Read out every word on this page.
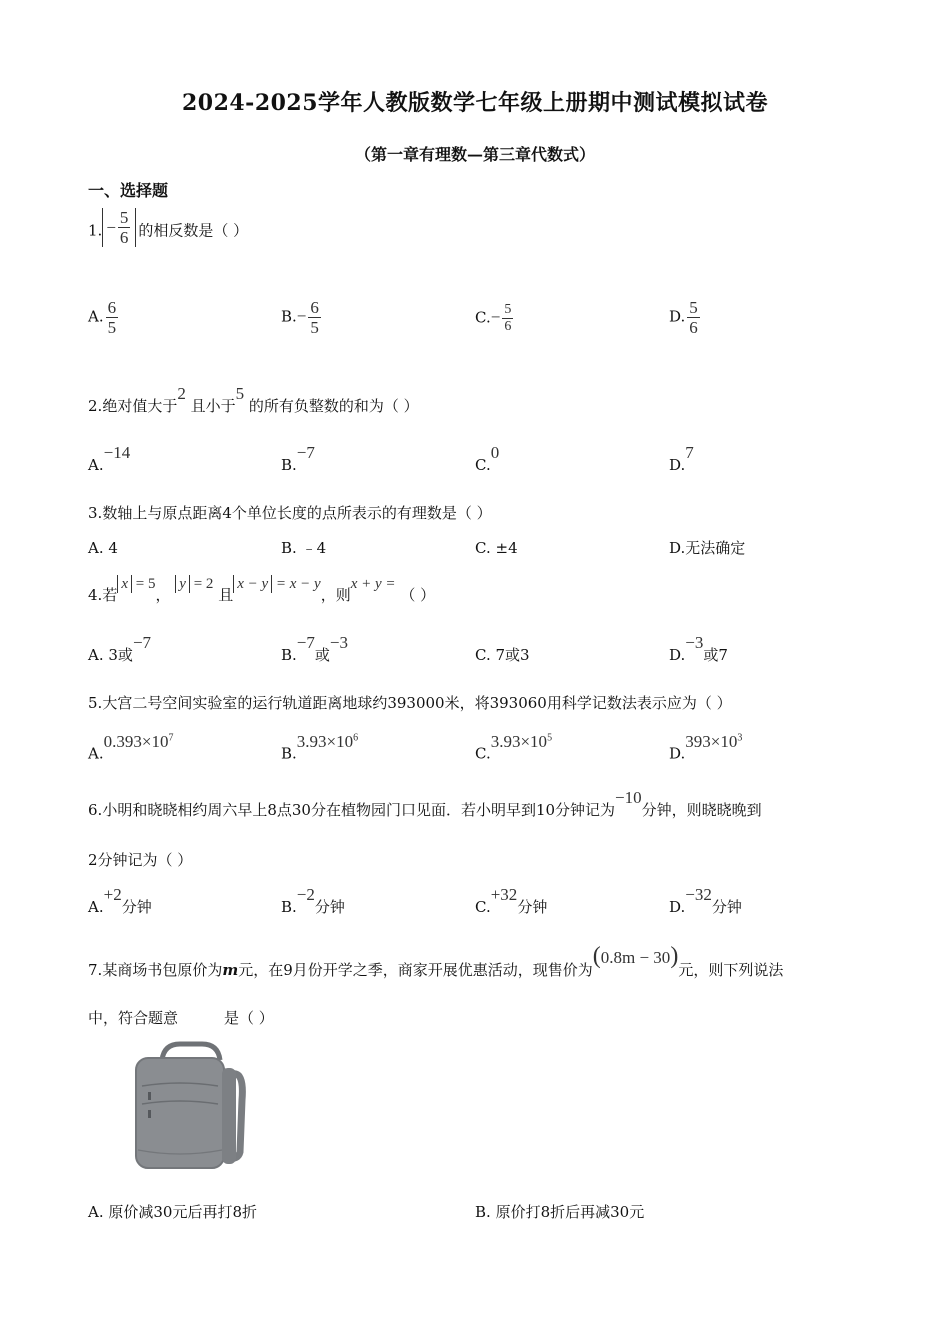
2024-2025学年人教版数学七年级上册期中测试模拟试卷
（第一章有理数—第三章代数式）
一、选择题
1. − $\frac{5}{6}$ 的相反数是（ ）
A. $\frac{6}{5}$	$B.- \frac{6}{5}$	$C.- \frac{5}{6}$	D. $\frac{5}{6}$
2.绝对值大于2 且小于5 的所有负整数的和为（ ）
A.−14
B.−7
C.0
D.7
3.数轴上与原点距离4个单位长度的点所表示的有理数是（ ）
A. 4	B. ﹣4	C. ±4	D.无法确定
4.若x = 5， y = 2 且x − y = x − y，则x + y = （ ）
A. 3或−7
B.−7或−3
C. 7或3	D.−3或7
5.大宫二号空间实验室的运行轨道距离地球约393000米，将393060用科学记数法表示应为（ ）
$A.0.393\times 10^7$
$B.3.93\times 10^6$
$C.3.93\times 10^5$
$D.393\times 10^3$
6.小明和晓晓相约周六早上8点30分在植物园门口见面．若小明早到10分钟记为−10分钟，则晓晓晚到
2分钟记为（ ）
A.+2分钟	B.−2分钟	C.+32分钟	D.−32分钟
7.某商场书包原价为m元，在9月份开学之季，商家开展优惠活动，现售价为(0.8m − 30)元，则下列说法
中，符合题意	是（ ）
A. 原价减30元后再打8折	B. 原价打8折后再减30元
